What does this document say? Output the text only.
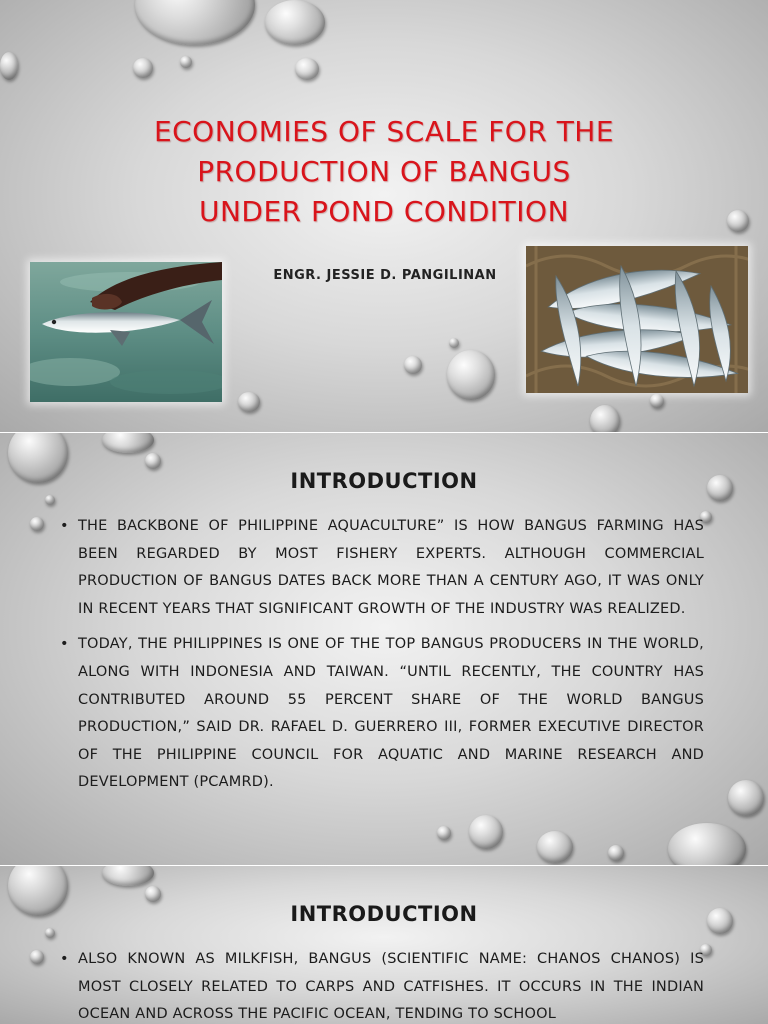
ECONOMIES OF SCALE FOR THE
PRODUCTION OF BANGUS
UNDER POND CONDITION
ENGR. JESSIE D. PANGILINAN
INTRODUCTION
• THE BACKBONE OF PHILIPPINE AQUACULTURE” IS HOW BANGUS FARMING HAS BEEN REGARDED BY MOST FISHERY EXPERTS. ALTHOUGH COMMERCIAL PRODUCTION OF BANGUS DATES BACK MORE THAN A CENTURY AGO, IT WAS ONLY IN RECENT YEARS THAT SIGNIFICANT GROWTH OF THE INDUSTRY WAS REALIZED.
• TODAY, THE PHILIPPINES IS ONE OF THE TOP BANGUS PRODUCERS IN THE WORLD, ALONG WITH INDONESIA AND TAIWAN. “UNTIL RECENTLY, THE COUNTRY HAS CONTRIBUTED AROUND 55 PERCENT SHARE OF THE WORLD BANGUS PRODUCTION,” SAID DR. RAFAEL D. GUERRERO III, FORMER EXECUTIVE DIRECTOR OF THE PHILIPPINE COUNCIL FOR AQUATIC AND MARINE RESEARCH AND DEVELOPMENT (PCAMRD).
INTRODUCTION
• ALSO KNOWN AS MILKFISH, BANGUS (SCIENTIFIC NAME: CHANOS CHANOS) IS MOST CLOSELY RELATED TO CARPS AND CATFISHES. IT OCCURS IN THE INDIAN OCEAN AND ACROSS THE PACIFIC OCEAN, TENDING TO SCHOOL
